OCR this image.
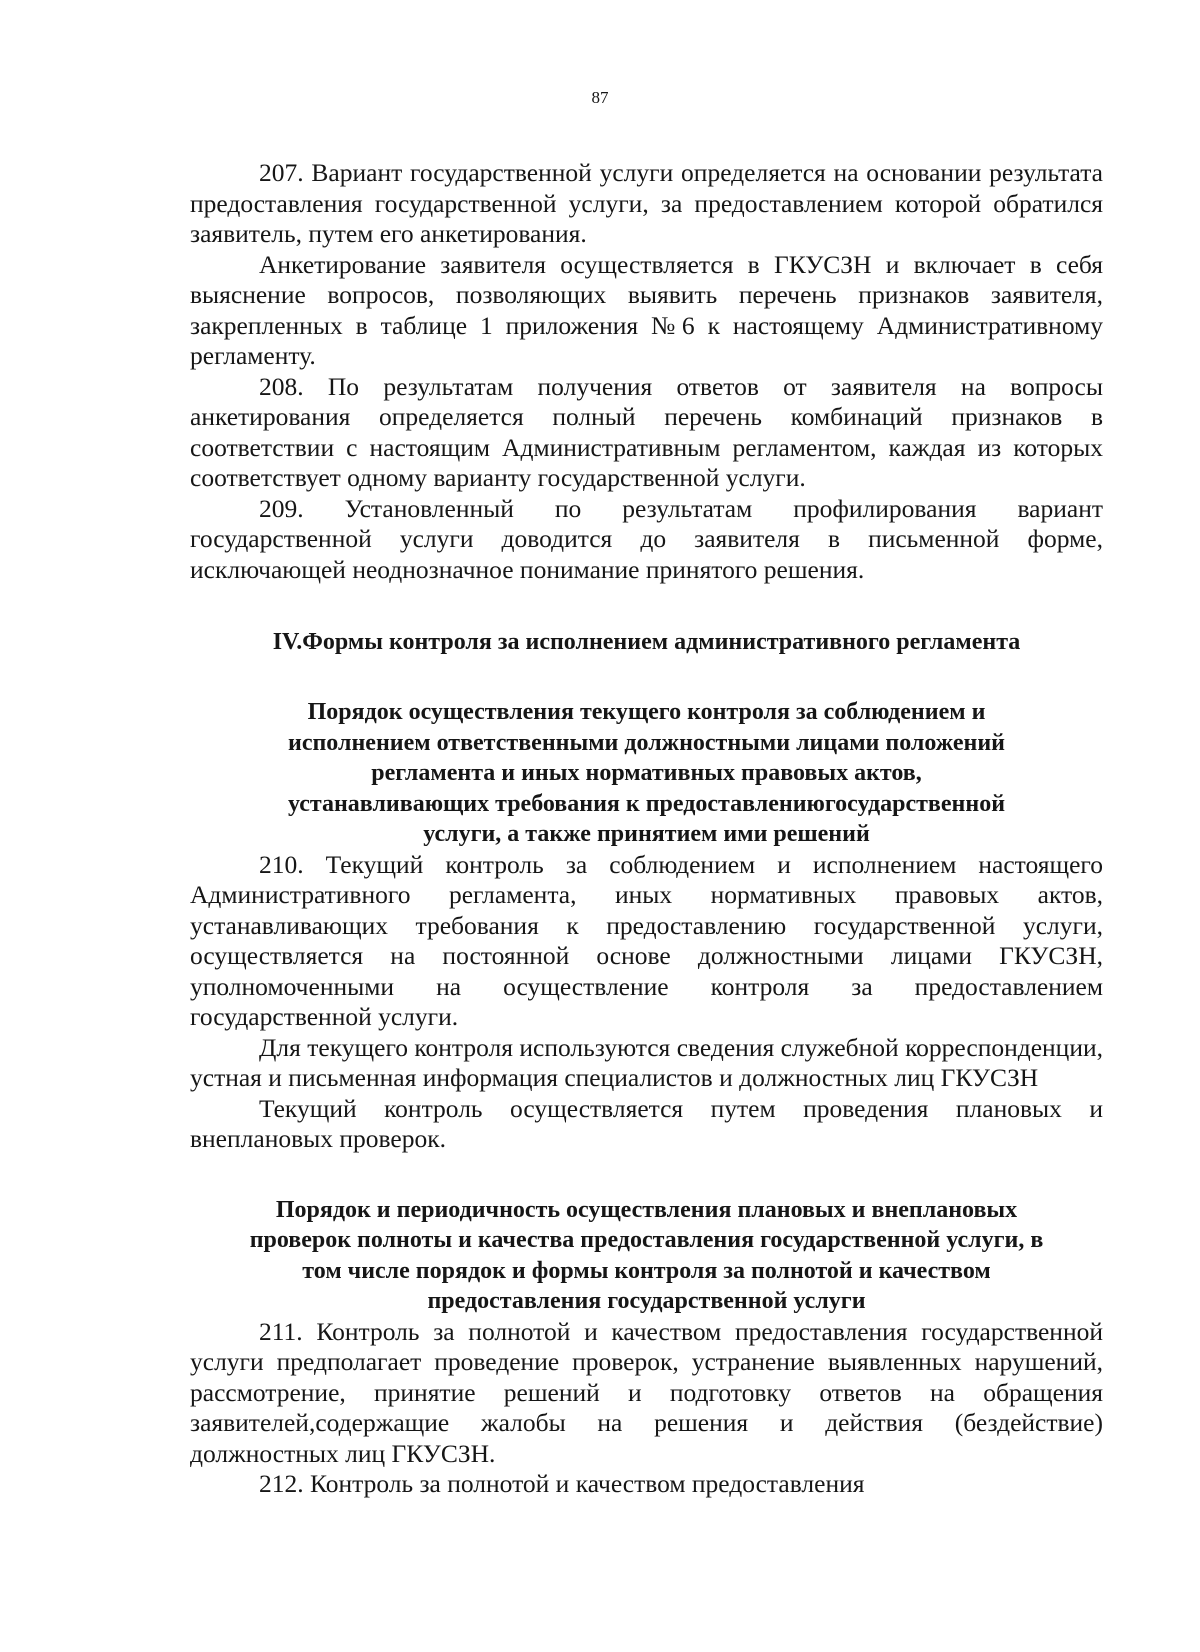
87

207. Вариант государственной услуги определяется на основании результата предоставления государственной услуги, за предоставлением которой обратился заявитель, путем его анкетирования.

Анкетирование заявителя осуществляется в ГКУСЗН и включает в себя выяснение вопросов, позволяющих выявить перечень признаков заявителя, закрепленных в таблице 1 приложения №6 к настоящему Административному регламенту.

208. По результатам получения ответов от заявителя на вопросы анкетирования определяется полный перечень комбинаций признаков в соответствии с настоящим Административным регламентом, каждая из которых соответствует одному варианту государственной услуги.

209. Установленный по результатам профилирования вариант государственной услуги доводится до заявителя в письменной форме, исключающей неоднозначное понимание принятого решения.

IV.Формы контроля за исполнением административного регламента
Порядок осуществления текущего контроля за соблюдением и
исполнением ответственными должностными лицами положений
регламента и иных нормативных правовых актов,
устанавливающих требования к предоставлениюгосударственной
услуги, а также принятием ими решений

210. Текущий контроль за соблюдением и исполнением настоящего Административного регламента, иных нормативных правовых актов, устанавливающих требования к предоставлению государственной услуги, осуществляется на постоянной основе должностными лицами ГКУСЗН, уполномоченными на осуществление контроля за предоставлением государственной услуги.

Для текущего контроля используются сведения служебной корреспонденции, устная и письменная информация специалистов и должностных лиц ГКУСЗН

Текущий контроль осуществляется путем проведения плановых и внеплановых проверок.

Порядок и периодичность осуществления плановых и внеплановых
проверок полноты и качества предоставления государственной услуги, в
том числе порядок и формы контроля за полнотой и качеством
предоставления государственной услуги

211. Контроль за полнотой и качеством предоставления государственной услуги предполагает проведение проверок, устранение выявленных нарушений, рассмотрение, принятие решений и подготовку ответов на обращения заявителей,содержащие жалобы на решения и действия (бездействие) должностных лиц ГКУСЗН.

212. Контроль за полнотой и качеством предоставления
